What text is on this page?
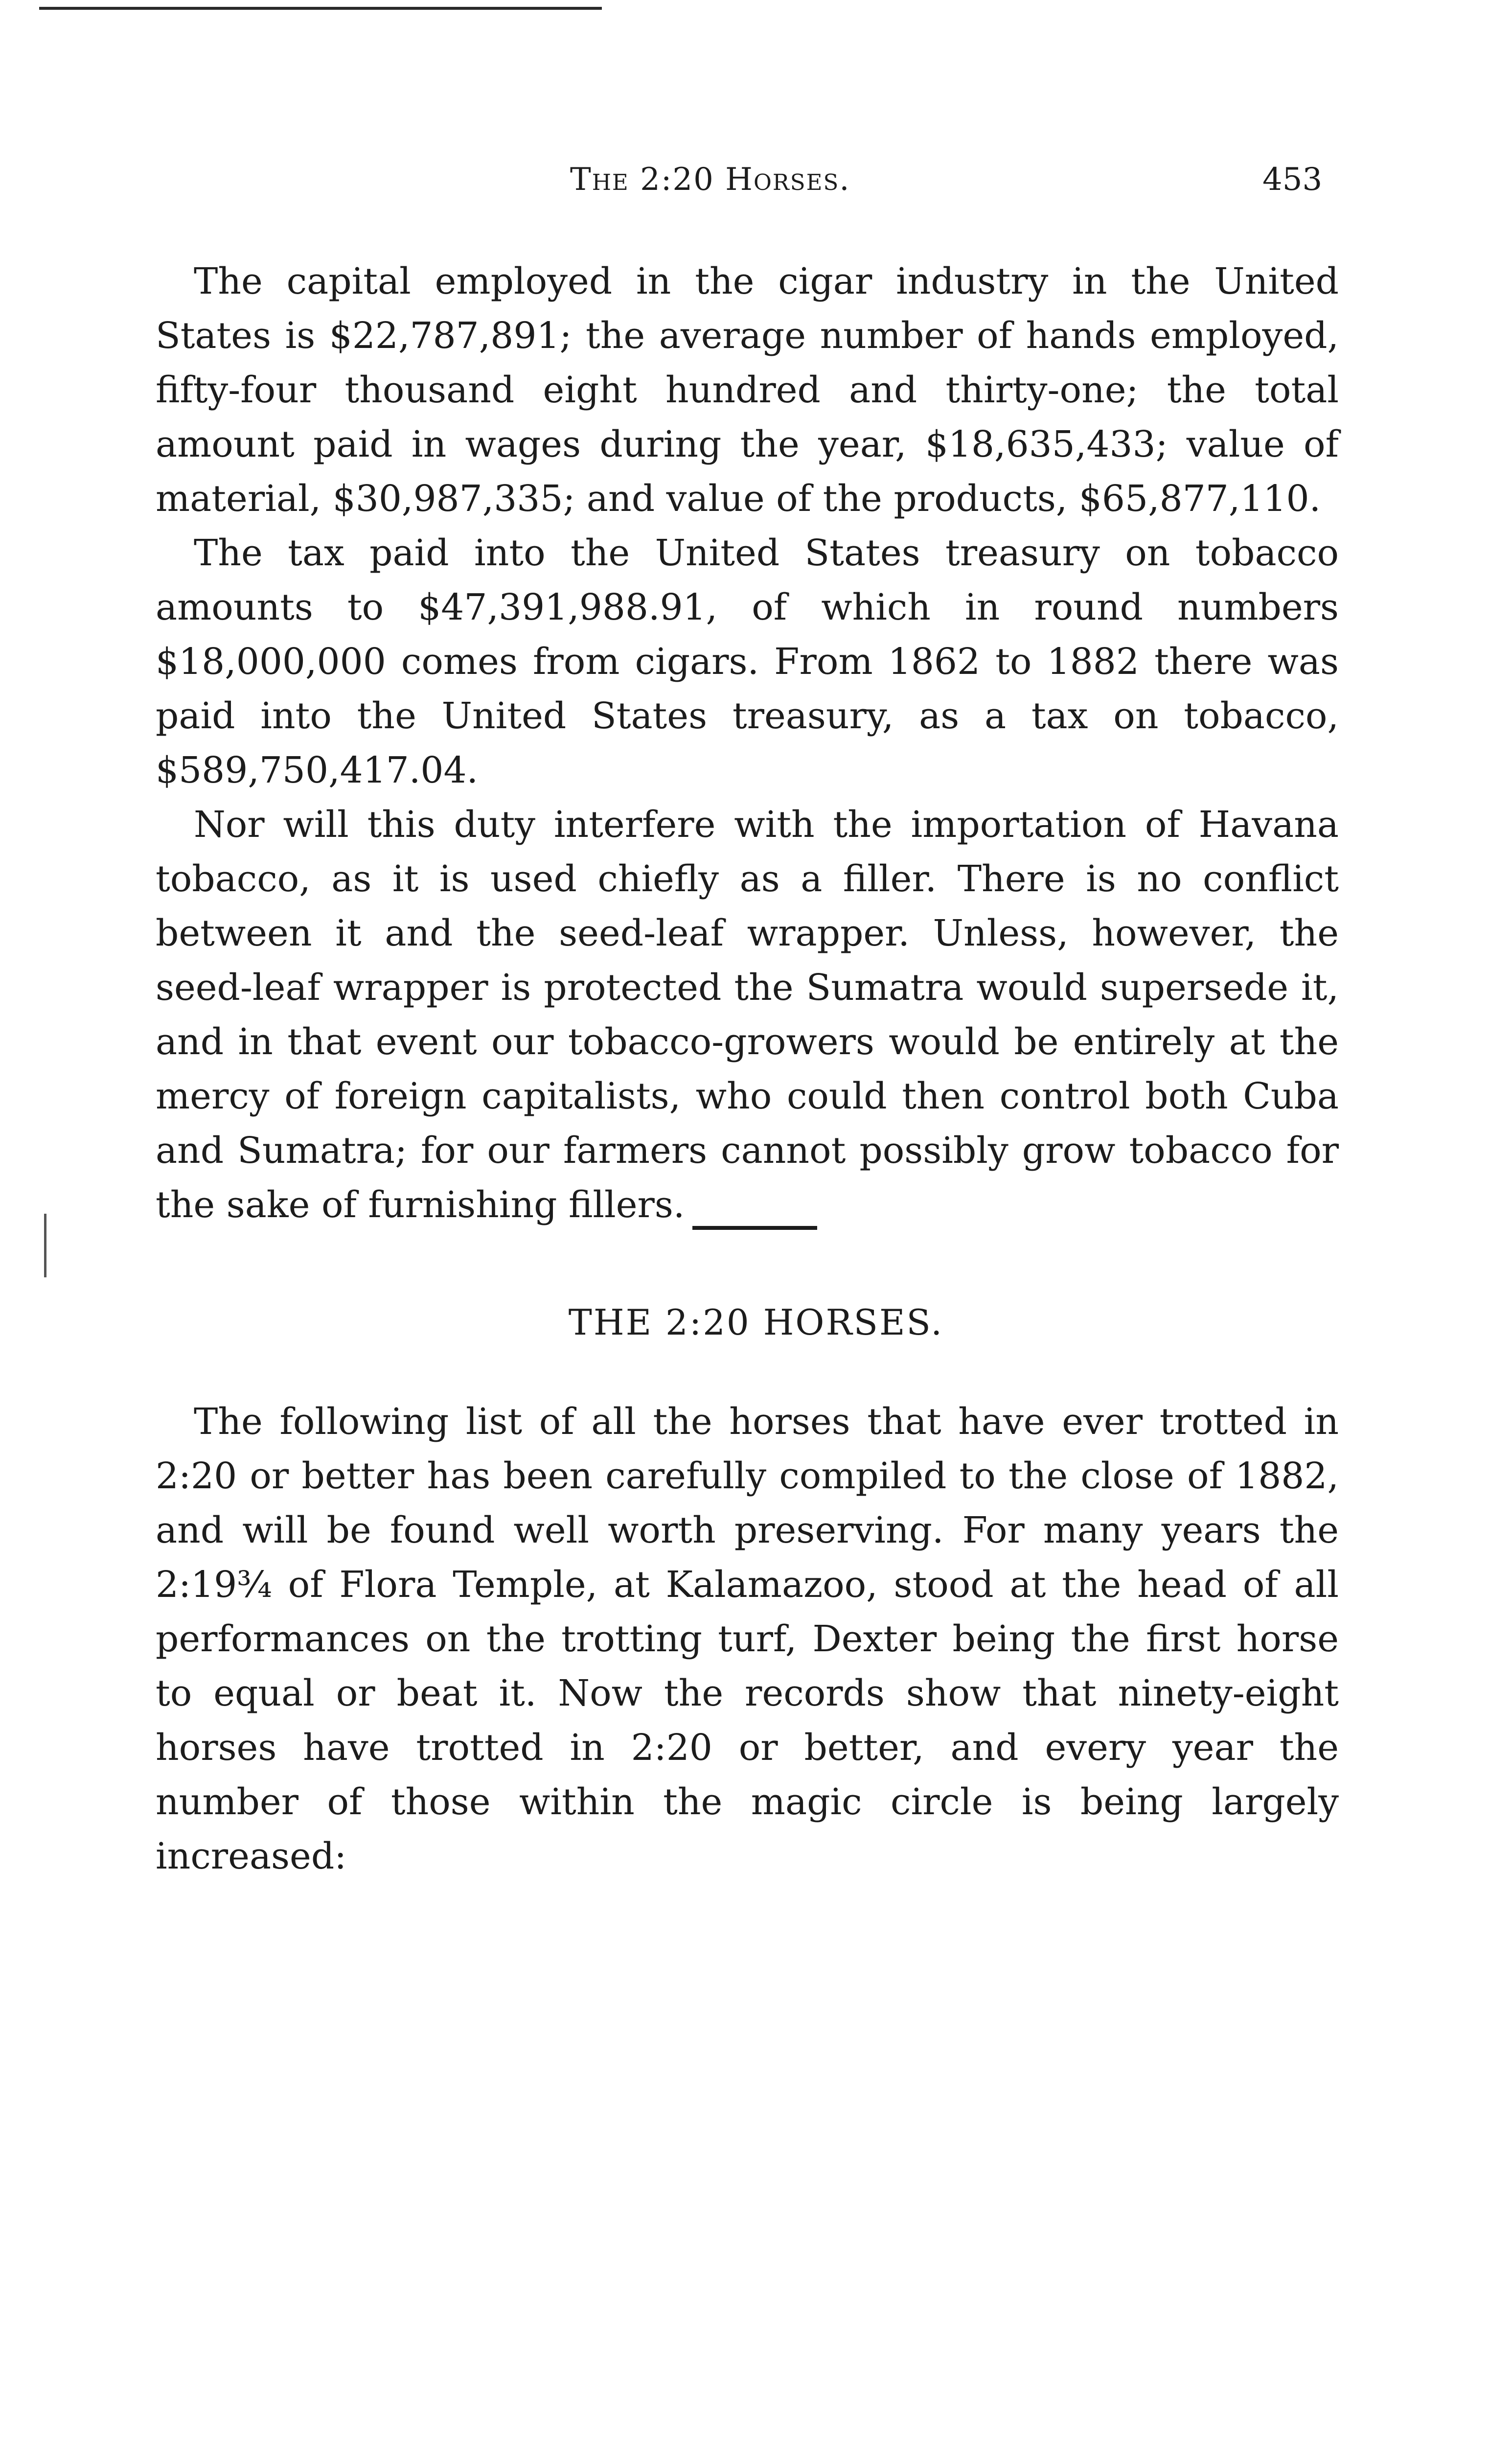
The 2:20 Horses.	453

The capital employed in the cigar industry in the United States is $22,787,891; the average number of hands employed, fifty-four thousand eight hundred and thirty-one; the total amount paid in wages during the year, $18,635,433; value of material, $30,987,335; and value of the products, $65,877,110.

The tax paid into the United States treasury on tobacco amounts to $47,391,988.91, of which in round numbers $18,000,000 comes from cigars. From 1862 to 1882 there was paid into the United States treasury, as a tax on tobacco, $589,750,417.04.

Nor will this duty interfere with the importation of Havana tobacco, as it is used chiefly as a filler. There is no conflict between it and the seed-leaf wrapper. Unless, however, the seed-leaf wrapper is protected the Sumatra would supersede it, and in that event our tobacco-growers would be entirely at the mercy of foreign capitalists, who could then control both Cuba and Sumatra; for our farmers cannot possibly grow tobacco for the sake of furnishing fillers.

THE 2:20 HORSES.

The following list of all the horses that have ever trotted in 2:20 or better has been carefully compiled to the close of 1882, and will be found well worth preserving. For many years the 2:19¾ of Flora Temple, at Kalamazoo, stood at the head of all performances on the trotting turf, Dexter being the first horse to equal or beat it. Now the records show that ninety-eight horses have trotted in 2:20 or better, and every year the number of those within the magic circle is being largely increased:
